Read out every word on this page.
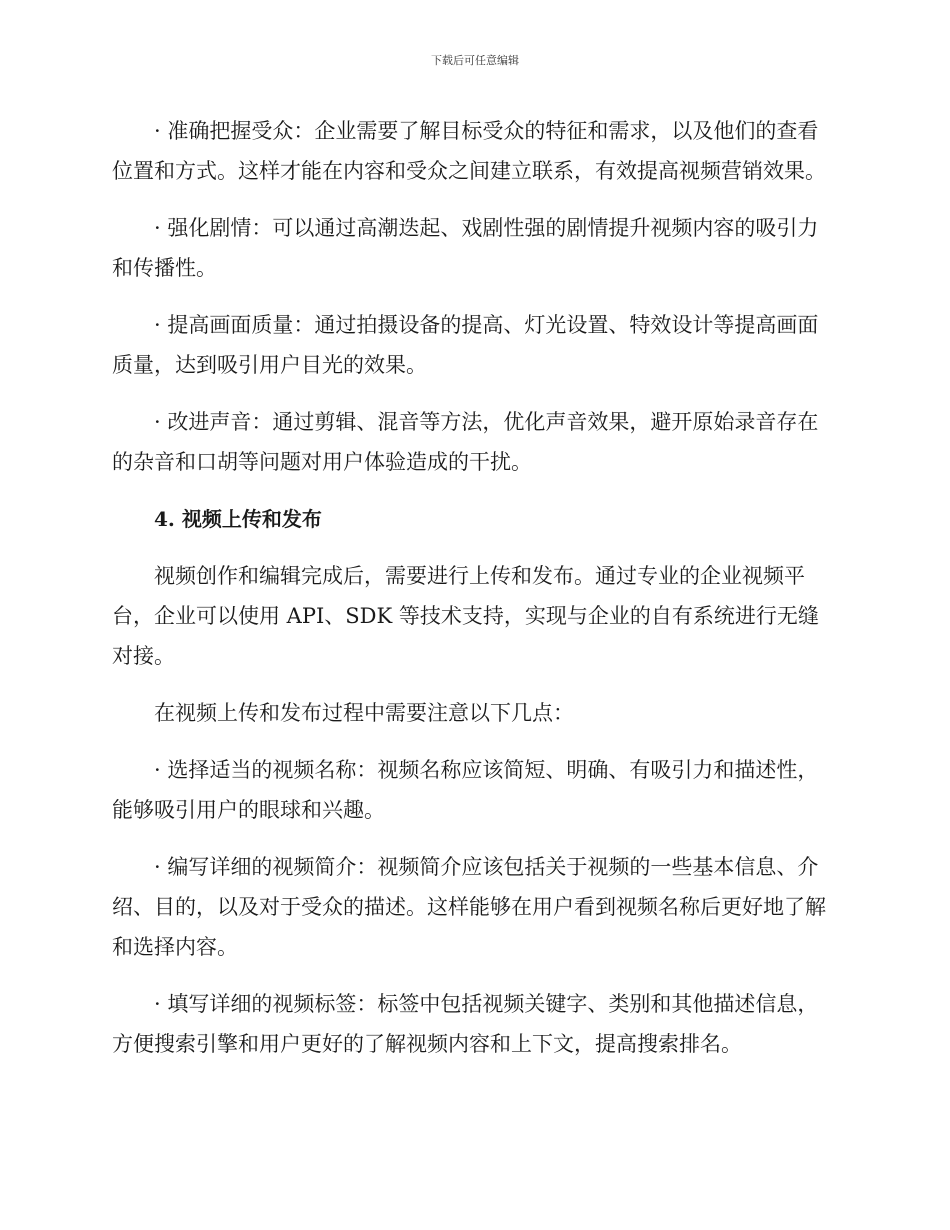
下载后可任意编辑

· 准确把握受众：企业需要了解目标受众的特征和需求，以及他们的查看位置和方式。这样才能在内容和受众之间建立联系，有效提高视频营销效果。

· 强化剧情：可以通过高潮迭起、戏剧性强的剧情提升视频内容的吸引力和传播性。

· 提高画面质量：通过拍摄设备的提高、灯光设置、特效设计等提高画面质量，达到吸引用户目光的效果。

· 改进声音：通过剪辑、混音等方法，优化声音效果，避开原始录音存在的杂音和口胡等问题对用户体验造成的干扰。

4. 视频上传和发布

视频创作和编辑完成后，需要进行上传和发布。通过专业的企业视频平台，企业可以使用 API、SDK 等技术支持，实现与企业的自有系统进行无缝对接。

在视频上传和发布过程中需要注意以下几点：

· 选择适当的视频名称：视频名称应该简短、明确、有吸引力和描述性，能够吸引用户的眼球和兴趣。

· 编写详细的视频简介：视频简介应该包括关于视频的一些基本信息、介绍、目的，以及对于受众的描述。这样能够在用户看到视频名称后更好地了解和选择内容。

· 填写详细的视频标签：标签中包括视频关键字、类别和其他描述信息，方便搜索引擎和用户更好的了解视频内容和上下文，提高搜索排名。
